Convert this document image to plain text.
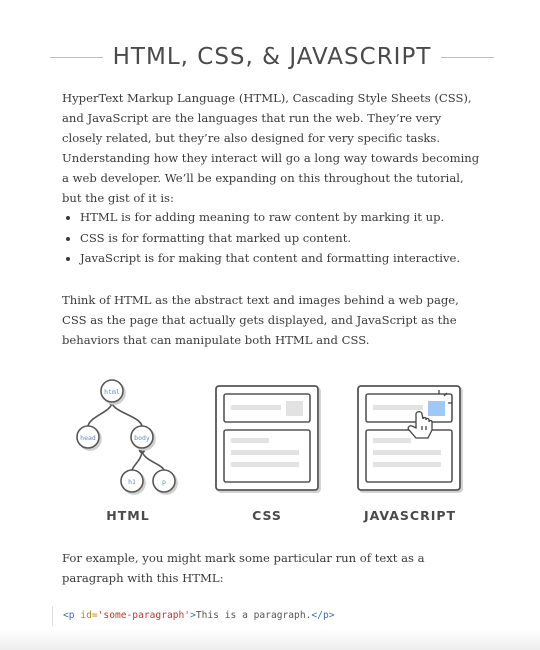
HTML, CSS, & JAVASCRIPT

HyperText Markup Language (HTML), Cascading Style Sheets (CSS), and JavaScript are the languages that run the web. They’re very closely related, but they’re also designed for very specific tasks. Understanding how they interact will go a long way towards becoming a web developer. We’ll be expanding on this throughout the tutorial, but the gist of it is:

• HTML is for adding meaning to raw content by marking it up.
• CSS is for formatting that marked up content.
• JavaScript is for making that content and formatting interactive.

Think of HTML as the abstract text and images behind a web page, CSS as the page that actually gets displayed, and JavaScript as the behaviors that can manipulate both HTML and CSS.

html
head	body
h1	p
HTML	CSS	JAVASCRIPT

For example, you might mark some particular run of text as a paragraph with this HTML:

<p id='some-paragraph'>This is a paragraph.</p>
